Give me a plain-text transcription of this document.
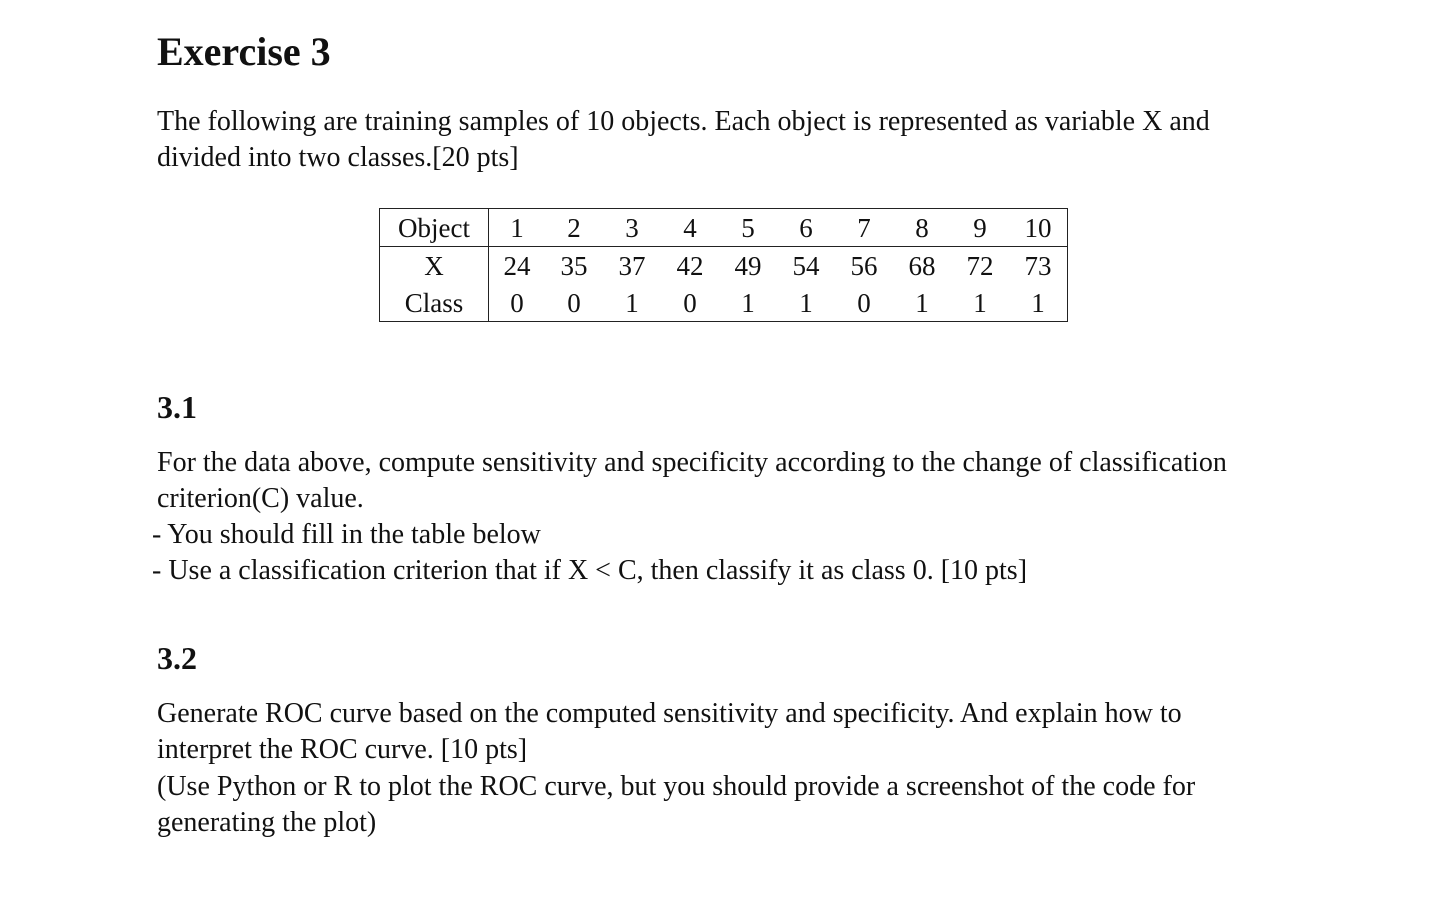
Exercise 3

The following are training samples of 10 objects. Each object is represented as variable X and
divided into two classes.[20 pts]

Object	1	2	3	4	5	6	7	8	9	10
X	24	35	37	42	49	54	56	68	72	73
Class	0	0	1	0	1	1	0	1	1	1
3.1

For the data above, compute sensitivity and specificity according to the change of classification

criterion(C) value.

- You should fill in the table below

- Use a classification criterion that if X < C, then classify it as class 0. [10 pts]

3.2

Generate ROC curve based on the computed sensitivity and specificity. And explain how to

interpret the ROC curve. [10 pts]

(Use Python or R to plot the ROC curve, but you should provide a screenshot of the code for

generating the plot)
